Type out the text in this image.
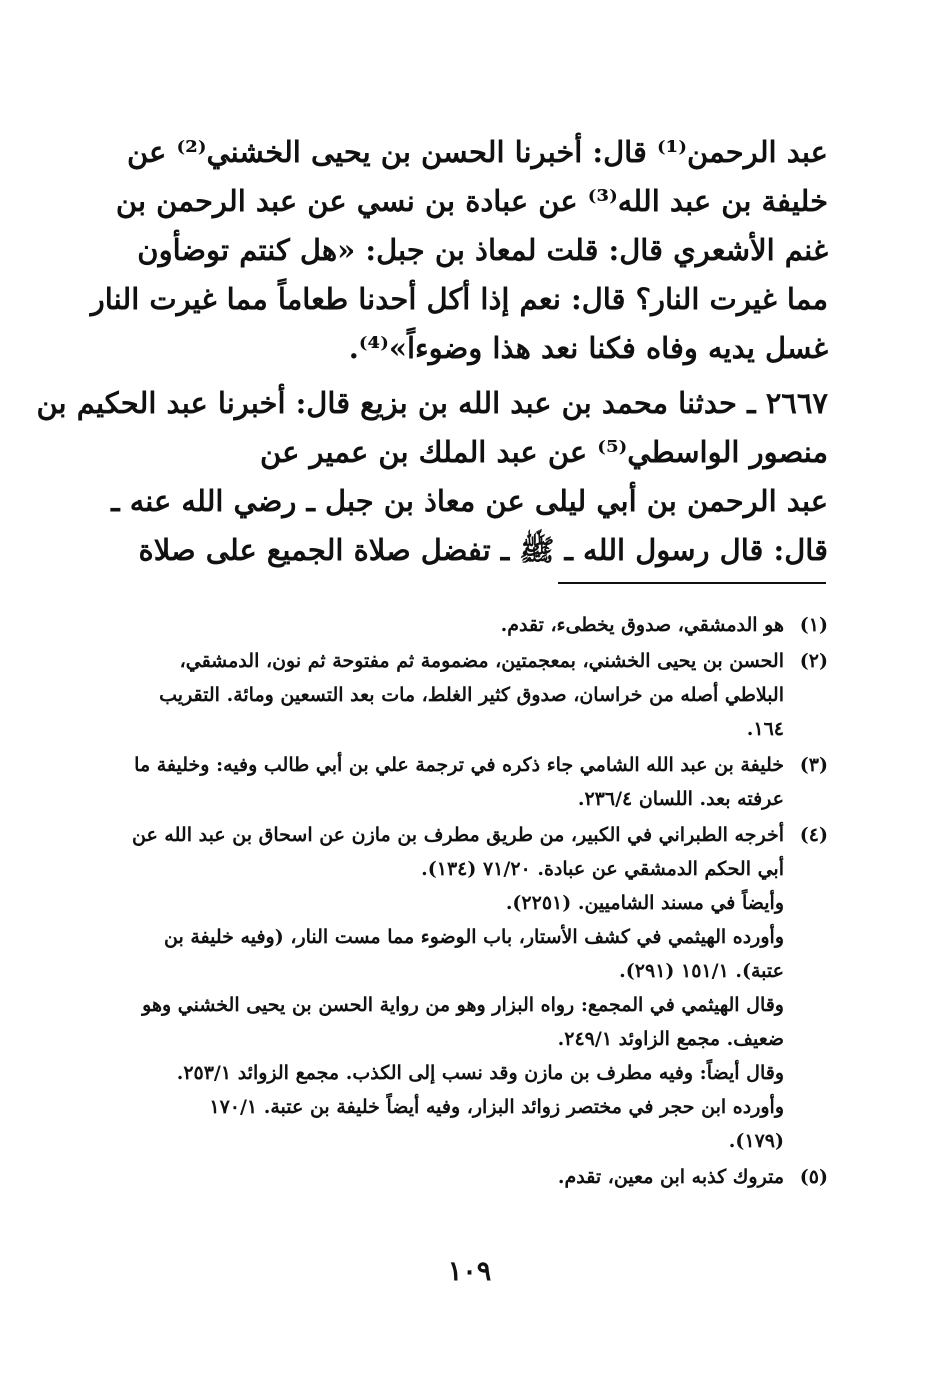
عبد الرحمن⁽¹⁾ قال: أخبرنا الحسن بن يحيى الخشني⁽²⁾ عن
خليفة بن عبد الله⁽³⁾ عن عبادة بن نسي عن عبد الرحمن بن
غنم الأشعري قال: قلت لمعاذ بن جبل: «هل كنتم توضأون
مما غيرت النار؟ قال: نعم إذا أكل أحدنا طعاماً مما غيرت النار
غسل يديه وفاه فكنا نعد هذا وضوءاً»⁽⁴⁾.
٢٦٦٧ ـ حدثنا محمد بن عبد الله بن بزيع قال: أخبرنا عبد الحكيم بن
منصور الواسطي⁽⁵⁾ عن عبد الملك بن عمير عن
عبد الرحمن بن أبي ليلى عن معاذ بن جبل ـ رضي الله عنه ـ
قال: قال رسول الله ـ ﷺ ـ تفضل صلاة الجميع على صلاة
(١)
هو الدمشقي، صدوق يخطىء، تقدم.
(٢)
الحسن بن يحيى الخشني، بمعجمتين، مضمومة ثم مفتوحة ثم نون، الدمشقي،
البلاطي أصله من خراسان، صدوق كثير الغلط، مات بعد التسعين ومائة. التقريب
١٦٤.
(٣)
خليفة بن عبد الله الشامي جاء ذكره في ترجمة علي بن أبي طالب وفيه: وخليفة ما
عرفته بعد. اللسان ٢٣٦/٤.
(٤)
أخرجه الطبراني في الكبير، من طريق مطرف بن مازن عن اسحاق بن عبد الله عن
أبي الحكم الدمشقي عن عبادة. ٧١/٢٠ (١٣٤).
وأيضاً في مسند الشاميين. (٢٢٥١).
وأورده الهيثمي في كشف الأستار، باب الوضوء مما مست النار، (وفيه خليفة بن
عتبة). ١٥١/١ (٢٩١).
وقال الهيثمي في المجمع: رواه البزار وهو من رواية الحسن بن يحيى الخشني وهو
ضعيف. مجمع الزاوئد ٢٤٩/١.
وقال أيضاً: وفيه مطرف بن مازن وقد نسب إلى الكذب. مجمع الزوائد ٢٥٣/١.
وأورده ابن حجر في مختصر زوائد البزار، وفيه أيضاً خليفة بن عتبة. ١٧٠/١
(١٧٩).
(٥)
متروك كذبه ابن معين، تقدم.
١٠٩
